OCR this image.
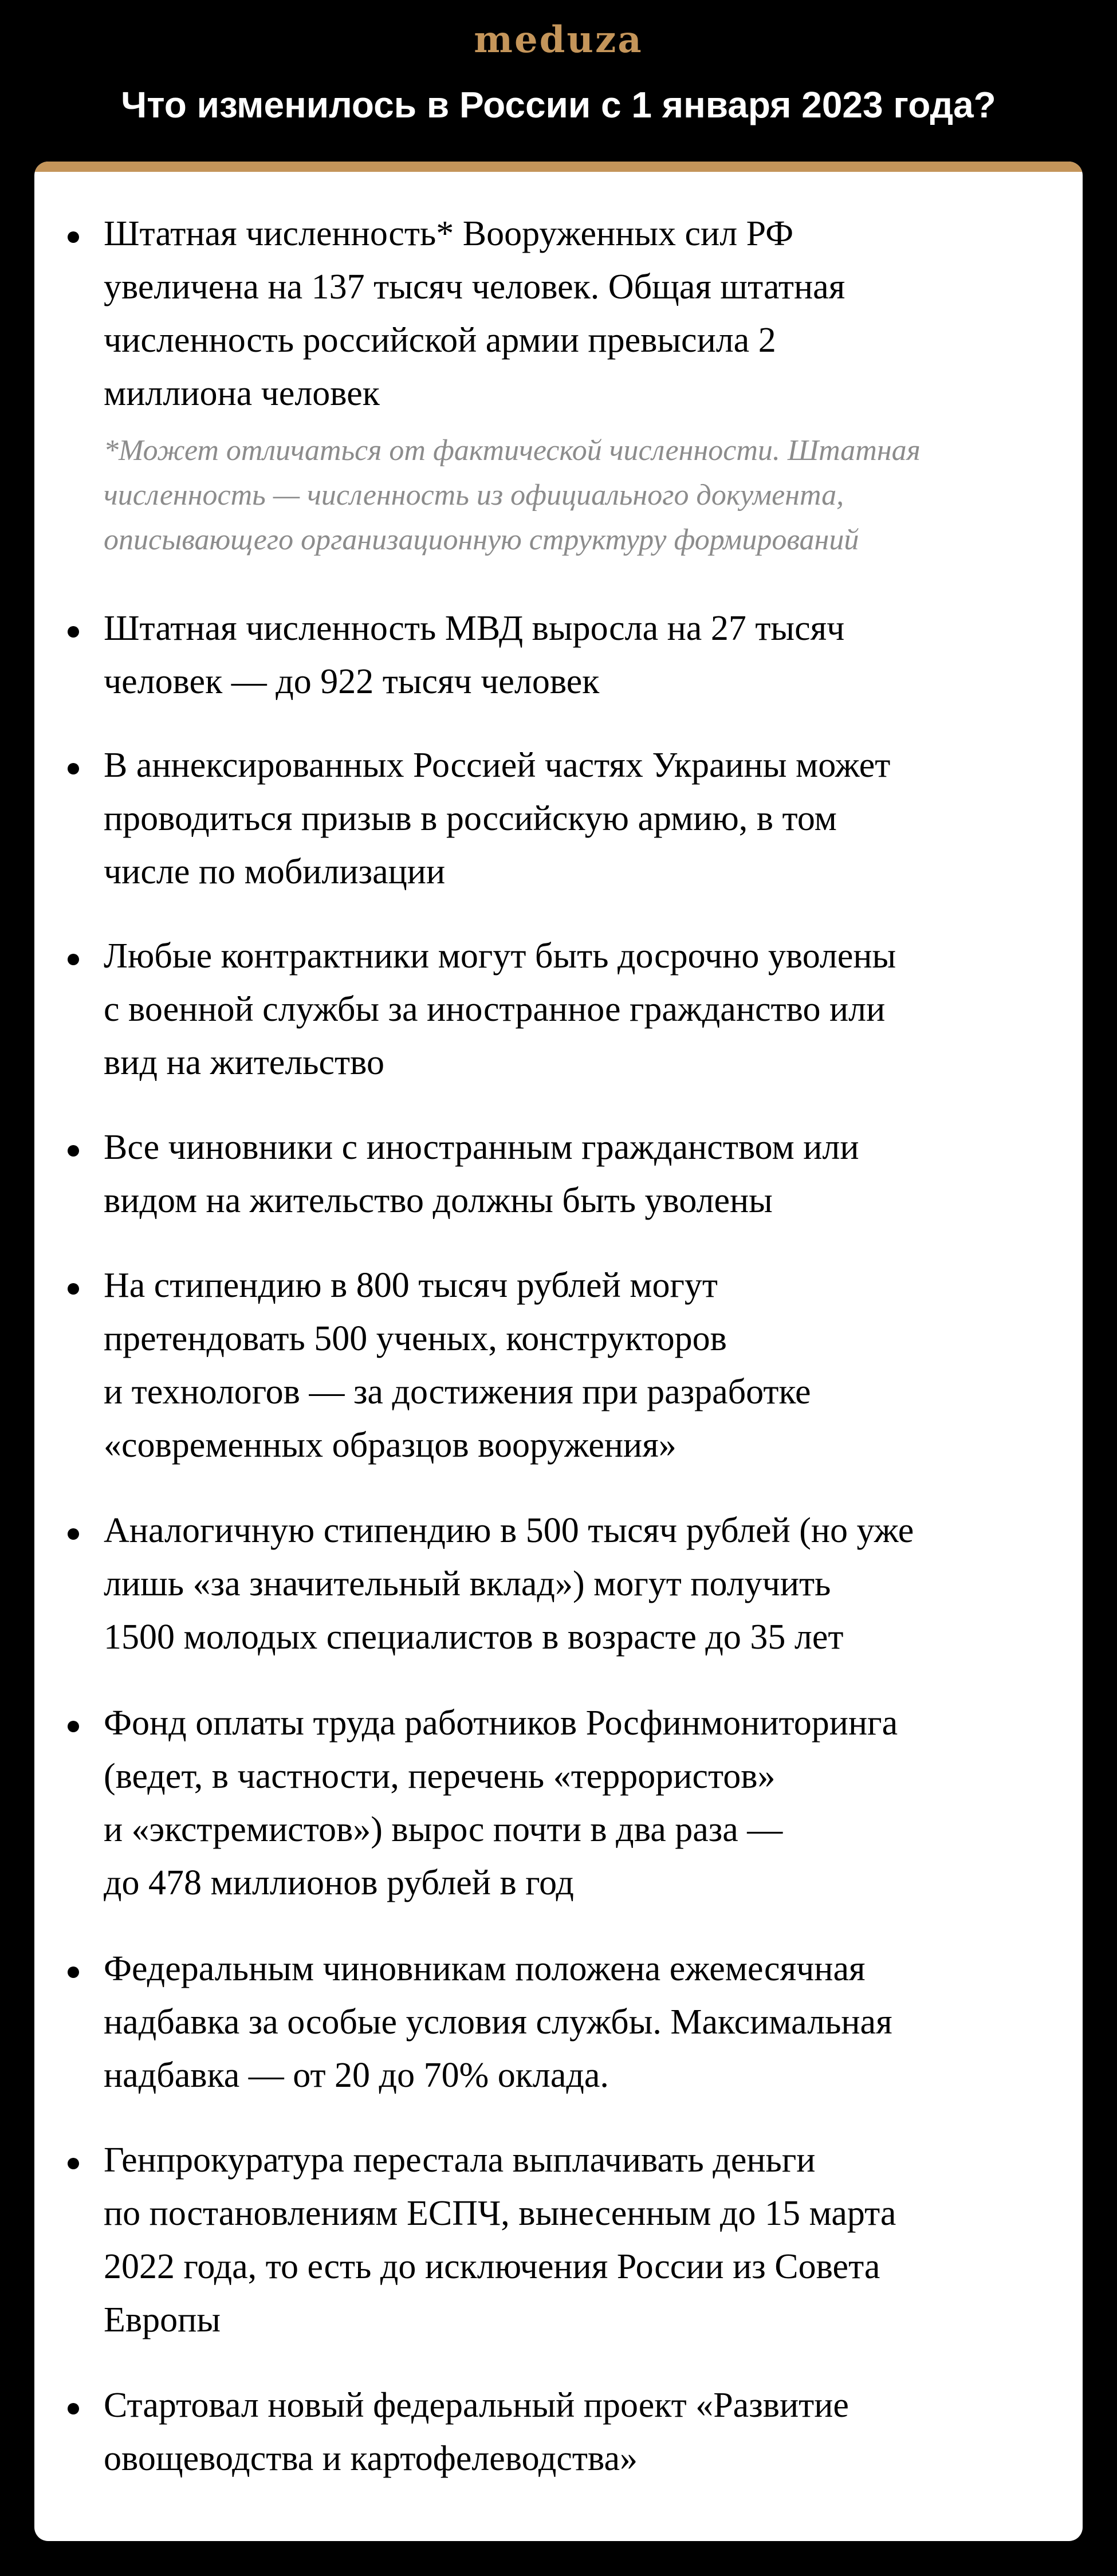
meduza
Что изменилось в России с 1 января 2023 года?

Штатная численность* Вооруженных сил РФ
увеличена на 137 тысяч человек. Общая штатная
численность российской армии превысила 2
миллиона человек

*Может отличаться от фактической численности. Штатная
численность — численность из официального документа,
описывающего организационную структуру формирований

Штатная численность МВД выросла на 27 тысяч
человек — до 922 тысяч человек

В аннексированных Россией частях Украины может
проводиться призыв в российскую армию, в том
числе по мобилизации

Любые контрактники могут быть досрочно уволены
с военной службы за иностранное гражданство или
вид на жительство

Все чиновники с иностранным гражданством или
видом на жительство должны быть уволены

На стипендию в 800 тысяч рублей могут
претендовать 500 ученых, конструкторов
и технологов — за достижения при разработке
«современных образцов вооружения»

Аналогичную стипендию в 500 тысяч рублей (но уже
лишь «за значительный вклад») могут получить
1500 молодых специалистов в возрасте до 35 лет

Фонд оплаты труда работников Росфинмониторинга
(ведет, в частности, перечень «террористов»
и «экстремистов») вырос почти в два раза —
до 478 миллионов рублей в год

Федеральным чиновникам положена ежемесячная
надбавка за особые условия службы. Максимальная
надбавка — от 20 до 70% оклада.

Генпрокуратура перестала выплачивать деньги
по постановлениям ЕСПЧ, вынесенным до 15 марта
2022 года, то есть до исключения России из Совета
Европы

Стартовал новый федеральный проект «Развитие
овощеводства и картофелеводства»
